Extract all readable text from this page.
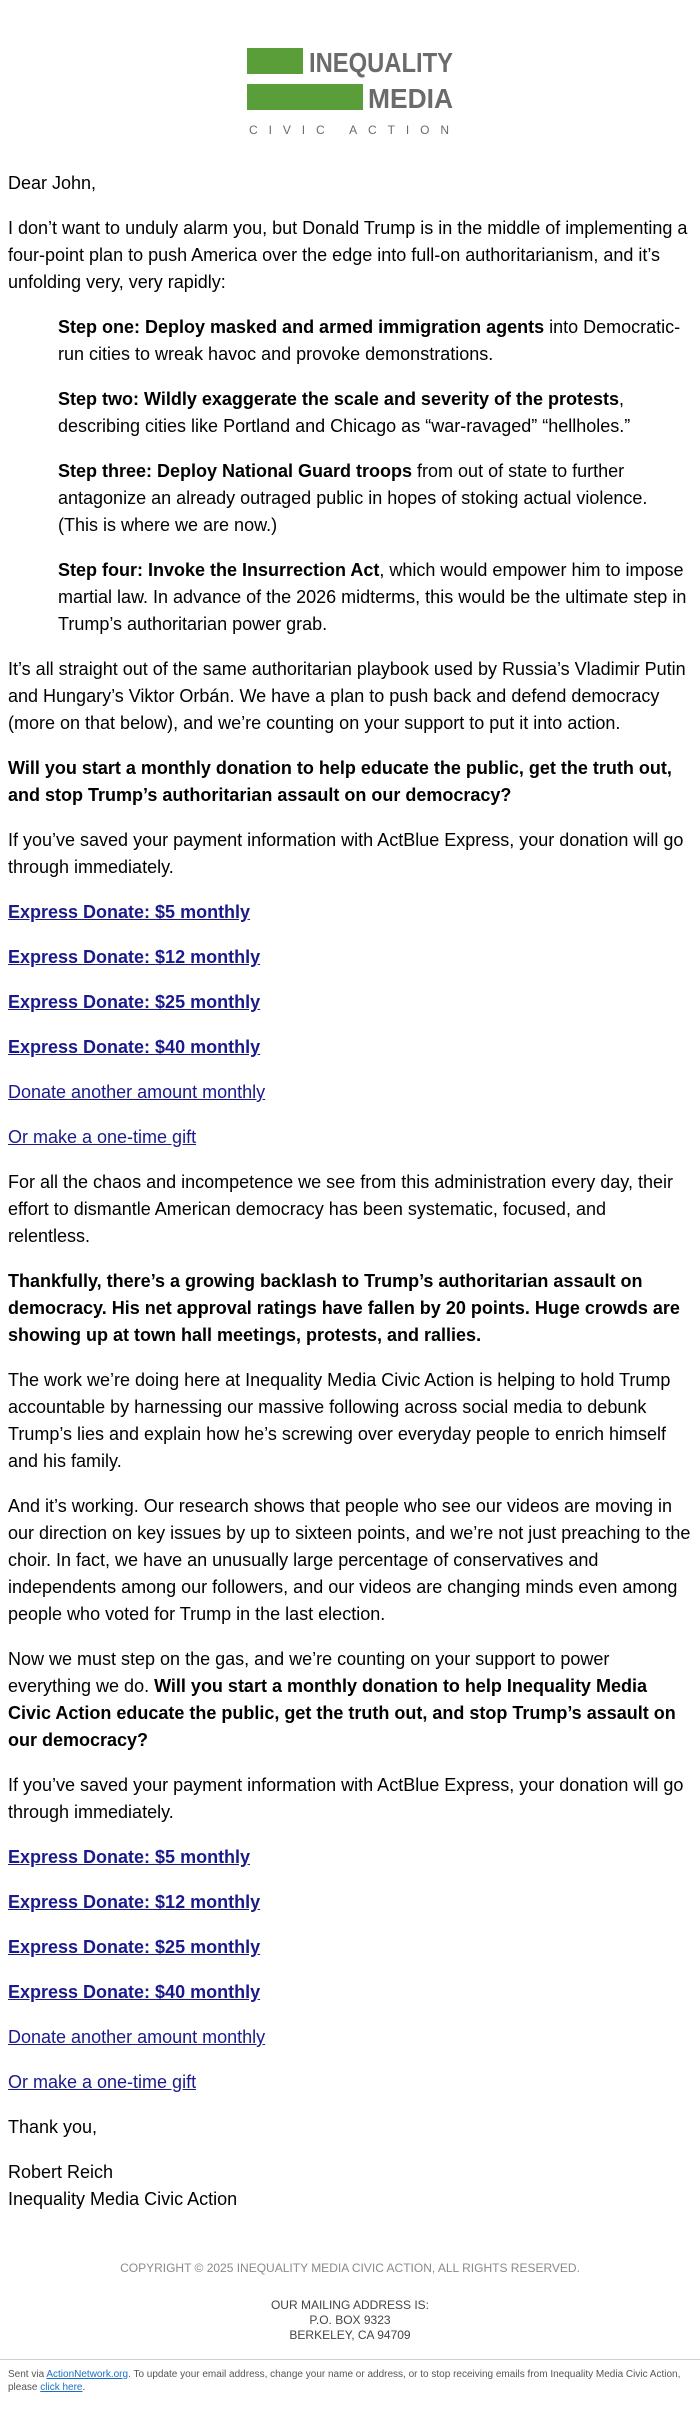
INEQUALITY
MEDIA
CIVIC ACTION

Dear John,

I don’t want to unduly alarm you, but Donald Trump is in the middle of implementing a four-point plan to push America over the edge into full-on authoritarianism, and it’s unfolding very, very rapidly:

Step one: Deploy masked and armed immigration agents into Democratic-run cities to wreak havoc and provoke demonstrations.

Step two: Wildly exaggerate the scale and severity of the protests, describing cities like Portland and Chicago as “war-ravaged” “hellholes.”

Step three: Deploy National Guard troops from out of state to further antagonize an already outraged public in hopes of stoking actual violence. (This is where we are now.)

Step four: Invoke the Insurrection Act, which would empower him to impose martial law. In advance of the 2026 midterms, this would be the ultimate step in Trump’s authoritarian power grab.

It’s all straight out of the same authoritarian playbook used by Russia’s Vladimir Putin and Hungary’s Viktor Orbán. We have a plan to push back and defend democracy (more on that below), and we’re counting on your support to put it into action.

Will you start a monthly donation to help educate the public, get the truth out, and stop Trump’s authoritarian assault on our democracy?

If you’ve saved your payment information with ActBlue Express, your donation will go through immediately.

Express Donate: $5 monthly

Express Donate: $12 monthly

Express Donate: $25 monthly

Express Donate: $40 monthly

Donate another amount monthly

Or make a one-time gift

For all the chaos and incompetence we see from this administration every day, their effort to dismantle American democracy has been systematic, focused, and relentless.

Thankfully, there’s a growing backlash to Trump’s authoritarian assault on democracy. His net approval ratings have fallen by 20 points. Huge crowds are showing up at town hall meetings, protests, and rallies.

The work we’re doing here at Inequality Media Civic Action is helping to hold Trump accountable by harnessing our massive following across social media to debunk Trump’s lies and explain how he’s screwing over everyday people to enrich himself and his family.

And it’s working. Our research shows that people who see our videos are moving in our direction on key issues by up to sixteen points, and we’re not just preaching to the choir. In fact, we have an unusually large percentage of conservatives and independents among our followers, and our videos are changing minds even among people who voted for Trump in the last election.

Now we must step on the gas, and we’re counting on your support to power everything we do. Will you start a monthly donation to help Inequality Media Civic Action educate the public, get the truth out, and stop Trump’s assault on our democracy?

If you’ve saved your payment information with ActBlue Express, your donation will go through immediately.

Express Donate: $5 monthly

Express Donate: $12 monthly

Express Donate: $25 monthly

Express Donate: $40 monthly

Donate another amount monthly

Or make a one-time gift

Thank you,

Robert Reich
Inequality Media Civic Action

COPYRIGHT © 2025 INEQUALITY MEDIA CIVIC ACTION, ALL RIGHTS RESERVED.
OUR MAILING ADDRESS IS:
P.O. BOX 9323
BERKELEY, CA 94709
Sent via ActionNetwork.org. To update your email address, change your name or address, or to stop receiving emails from Inequality Media Civic Action, please click here.
